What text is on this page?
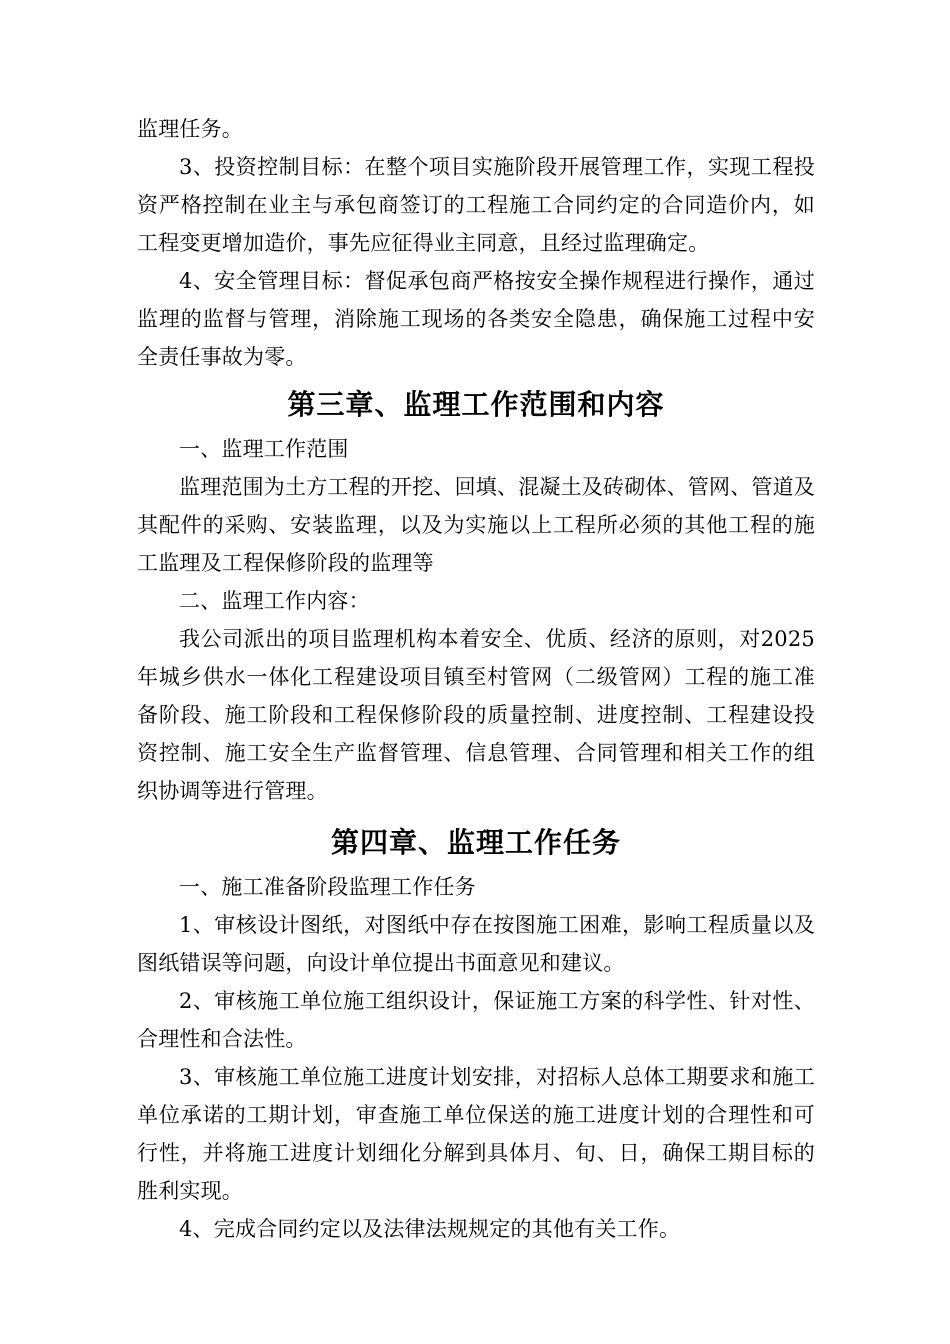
监理任务。

3、投资控制目标：在整个项目实施阶段开展管理工作，实现工程投资严格控制在业主与承包商签订的工程施工合同约定的合同造价内，如工程变更增加造价，事先应征得业主同意，且经过监理确定。

4、安全管理目标：督促承包商严格按安全操作规程进行操作，通过监理的监督与管理，消除施工现场的各类安全隐患，确保施工过程中安全责任事故为零。

第三章、监理工作范围和内容

一、监理工作范围

监理范围为土方工程的开挖、回填、混凝土及砖砌体、管网、管道及其配件的采购、安装监理，以及为实施以上工程所必须的其他工程的施工监理及工程保修阶段的监理等

二、监理工作内容：

我公司派出的项目监理机构本着安全、优质、经济的原则，对2025年城乡供水一体化工程建设项目镇至村管网（二级管网）工程的施工准备阶段、施工阶段和工程保修阶段的质量控制、进度控制、工程建设投资控制、施工安全生产监督管理、信息管理、合同管理和相关工作的组织协调等进行管理。

第四章、监理工作任务

一、施工准备阶段监理工作任务

1、审核设计图纸，对图纸中存在按图施工困难，影响工程质量以及图纸错误等问题，向设计单位提出书面意见和建议。

2、审核施工单位施工组织设计，保证施工方案的科学性、针对性、合理性和合法性。

3、审核施工单位施工进度计划安排，对招标人总体工期要求和施工单位承诺的工期计划，审查施工单位保送的施工进度计划的合理性和可行性，并将施工进度计划细化分解到具体月、旬、日，确保工期目标的胜利实现。

4、完成合同约定以及法律法规规定的其他有关工作。
